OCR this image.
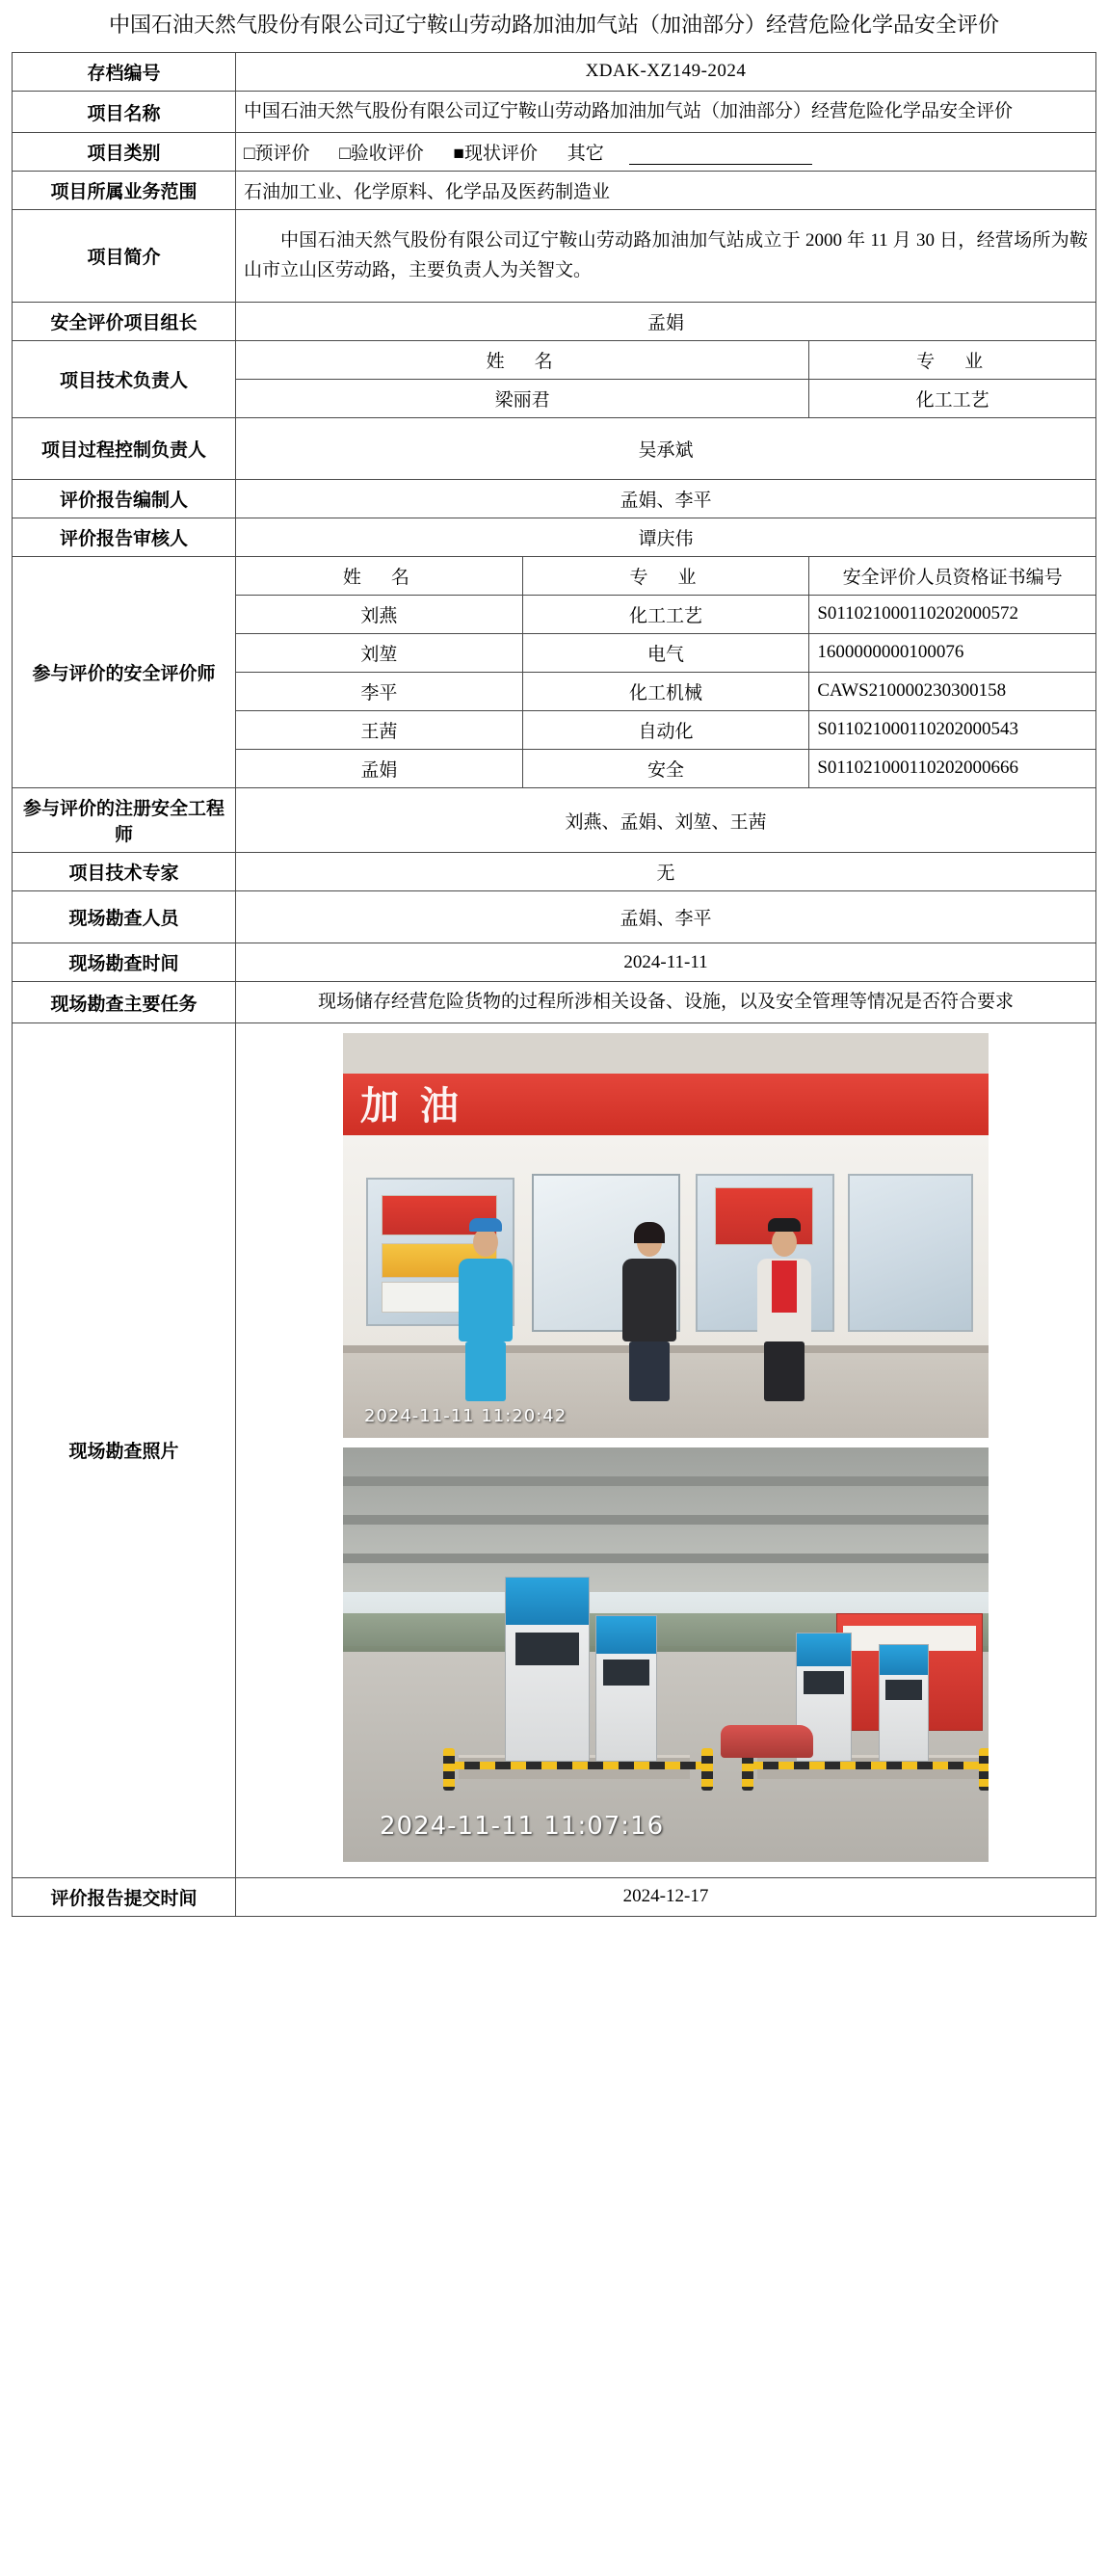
中国石油天然气股份有限公司辽宁鞍山劳动路加油加气站（加油部分）经营危险化学品安全评价
存档编号	XDAK-XZ149-2024		
项目名称	中国石油天然气股份有限公司辽宁鞍山劳动路加油加气站（加油部分）经营危险化学品安全评价		
项目类别	□预评价 □验收评价 ■现状评价 其它		
项目所属业务范围	石油加工业、化学原料、化学品及医药制造业		
项目简介	中国石油天然气股份有限公司辽宁鞍山劳动路加油加气站成立于 2000 年 11 月 30 日，经营场所为鞍山市立山区劳动路，主要负责人为关智文。		
安全评价项目组长	孟娟		
项目技术负责人	姓　名		专　业
	梁丽君		化工工艺
项目过程控制负责人	吴承斌		
评价报告编制人	孟娟、李平		
评价报告审核人	谭庆伟		
参与评价的安全评价师	姓　名	专　业	安全评价人员资格证书编号
	刘燕	化工工艺	S011021000110202000572
	刘堃	电气	1600000000100076
	李平	化工机械	CAWS210000230300158
	王茜	自动化	S011021000110202000543
	孟娟	安全	S011021000110202000666
参与评价的注册安全工程师	刘燕、孟娟、刘堃、王茜		
项目技术专家	无		
现场勘查人员	孟娟、李平		
现场勘查时间	2024-11-11		
现场勘查主要任务	现场储存经营危险货物的过程所涉相关设备、设施，以及安全管理等情况是否符合要求		
现场勘查照片	加 油
2024-11-11 11:20:42
2024-11-11 11:07:16		

评价报告提交时间	2024-12-17		
